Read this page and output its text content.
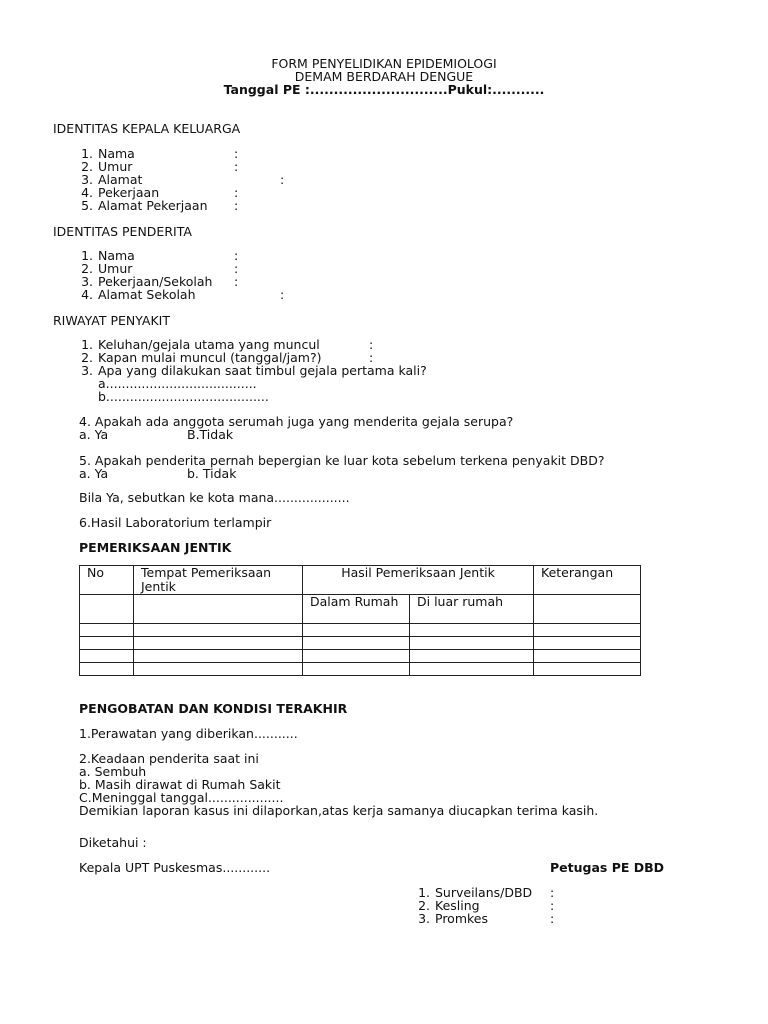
FORM PENYELIDIKAN EPIDEMIOLOGI
DEMAM BERDARAH DENGUE
Tanggal PE :.............................Pukul:...........
IDENTITAS KEPALA KELUARGA
1. Nama	:
2. Umur	:
3. Alamat	:
4. Pekerjaan	:
5. Alamat Pekerjaan :
IDENTITAS PENDERITA
1. Nama	:
2. Umur	:
3. Pekerjaan/Sekolah :
4. Alamat Sekolah	:
RIWAYAT PENYAKIT
1. Keluhan/gejala utama yang muncul	:
2. Kapan mulai muncul (tanggal/jam?)	:
3. Apa yang dilakukan saat timbul gejala pertama kali?
a......................................
b.........................................
4. Apakah ada anggota serumah juga yang menderita gejala serupa?
a. Ya	B.Tidak
5. Apakah penderita pernah bepergian ke luar kota sebelum terkena penyakit DBD?
a. Ya	b. Tidak
Bila Ya, sebutkan ke kota mana...................
6.Hasil Laboratorium terlampir
PEMERIKSAAN JENTIK
No	Tempat Pemeriksaan Jentik	Hasil Pemeriksaan Jentik		Keterangan
		Dalam Rumah	Di luar rumah	

PENGOBATAN DAN KONDISI TERAKHIR
1.Perawatan yang diberikan...........
2.Keadaan penderita saat ini
a. Sembuh
b. Masih dirawat di Rumah Sakit
C.Meninggal tanggal...................
Demikian laporan kasus ini dilaporkan,atas kerja samanya diucapkan terima kasih.
Diketahui :
Kepala UPT Puskesmas............	Petugas PE DBD
1. Surveilans/DBD :
2. Kesling	:
3. Promkes	:
